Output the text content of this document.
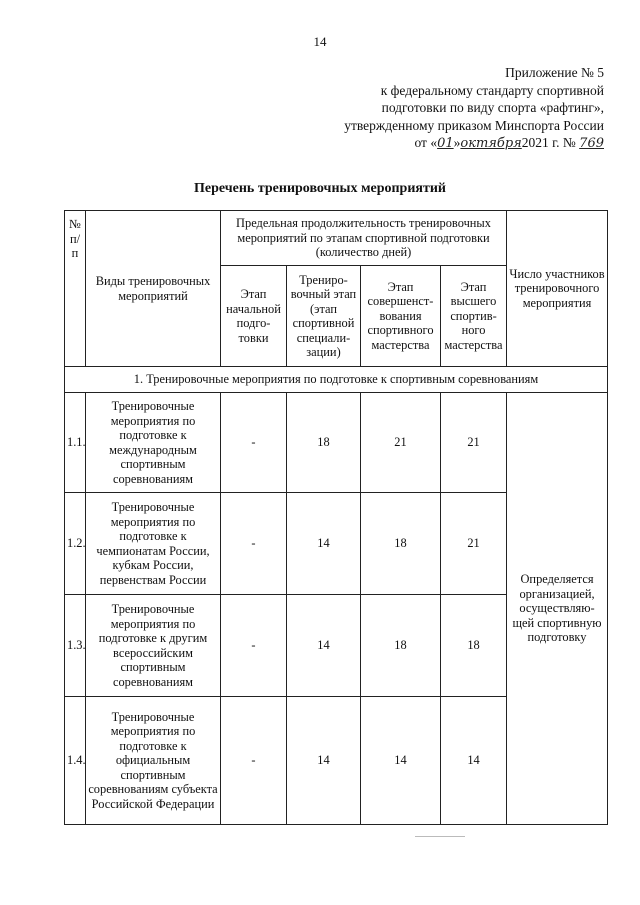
14
Приложение № 5
к федеральному стандарту спортивной
подготовки по виду спорта «рафтинг»,
утвержденному приказом Минспорта России
от «01»октября2021 г. № 769
Перечень тренировочных мероприятий
№ п/п	Виды тренировочных мероприятий	Предельная продолжительность тренировочных мероприятий по этапам спортивной подготовки (количество дней)				Число участников тренировочного мероприятия
		Этап начальной подго-товки	Трениро-вочный этап (этап спортивной специали-зации)	Этап совершенст-вования спортивного мастерства	Этап высшего спортив-ного мастерства	
1. Тренировочные мероприятия по подготовке к спортивным соревнованиям						
1.1.	Тренировочные мероприятия по подготовке к международным спортивным соревнованиям	-	18	21	21	Определяется организацией, осуществляю-щей спортивную подготовку
1.2.	Тренировочные мероприятия по подготовке к чемпионатам России, кубкам России, первенствам России	-	14	18	21	
1.3.	Тренировочные мероприятия по подготовке к другим всероссийским спортивным соревнованиям	-	14	18	18	
1.4.	Тренировочные мероприятия по подготовке к официальным спортивным соревнованиям субъекта Российской Федерации	-	14	14	14	
